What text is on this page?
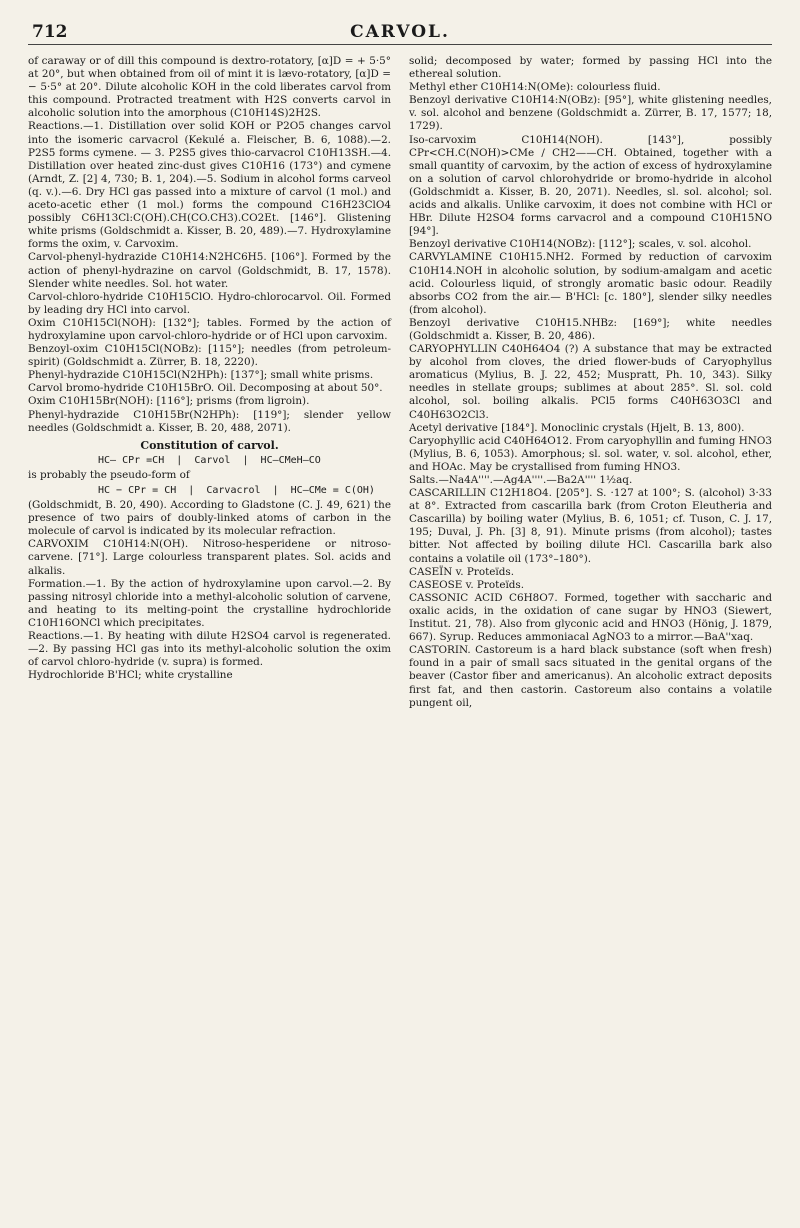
712	CARVOL.

of caraway or of dill this compound is dextro-rotatory, [α]D = + 5·5° at 20°, but when obtained from oil of mint it is lævo-rotatory, [α]D = − 5·5° at 20°. Dilute alcoholic KOH in the cold liberates carvol from this compound. Protracted treatment with H2S converts carvol in alcoholic solution into the amorphous (C10H14S)2H2S.

Reactions.—1. Distillation over solid KOH or P2O5 changes carvol into the isomeric carvacrol (Kekulé a. Fleischer, B. 6, 1088).—2. P2S5 forms cymene. — 3. P2S5 gives thio-carvacrol C10H13SH.—4. Distillation over heated zinc-dust gives C10H16 (173°) and cymene (Arndt, Z. [2] 4, 730; B. 1, 204).—5. Sodium in alcohol forms carveol (q. v.).—6. Dry HCl gas passed into a mixture of carvol (1 mol.) and aceto-acetic ether (1 mol.) forms the compound C16H23ClO4 possibly C6H13Cl:C(OH).CH(CO.CH3).CO2Et. [146°]. Glistening white prisms (Goldschmidt a. Kisser, B. 20, 489).—7. Hydroxylamine forms the oxim, v. Carvoxim.

Carvol-phenyl-hydrazide C10H14:N2HC6H5. [106°]. Formed by the action of phenyl-hydrazine on carvol (Goldschmidt, B. 17, 1578). Slender white needles. Sol. hot water.

Carvol-chloro-hydride C10H15ClO. Hydro-chlorocarvol. Oil. Formed by leading dry HCl into carvol.

Oxim C10H15Cl(NOH): [132°]; tables. Formed by the action of hydroxylamine upon carvol-chloro-hydride or of HCl upon carvoxim.

Benzoyl-oxim C10H15Cl(NOBz): [115°]; needles (from petroleum-spirit) (Goldschmidt a. Zürrer, B. 18, 2220).

Phenyl-hydrazide C10H15Cl(N2HPh): [137°]; small white prisms.

Carvol bromo-hydride C10H15BrO. Oil. Decomposing at about 50°.

Oxim C10H15Br(NOH): [116°]; prisms (from ligroin).

Phenyl-hydrazide C10H15Br(N2HPh): [119°]; slender yellow needles (Goldschmidt a. Kisser, B. 20, 488, 2071).

Constitution of carvol.

HC— CPr =CH  |  Carvol  |  HC—CMeH—CO

is probably the pseudo-form of

HC − CPr = CH  |  Carvacrol  |  HC—CMe = C(OH)

(Goldschmidt, B. 20, 490). According to Gladstone (C. J. 49, 621) the presence of two pairs of doubly-linked atoms of carbon in the molecule of carvol is indicated by its molecular refraction.

CARVOXIM C10H14:N(OH). Nitroso-hesperidene or nitroso-carvene. [71°]. Large colourless transparent plates. Sol. acids and alkalis.

Formation.—1. By the action of hydroxylamine upon carvol.—2. By passing nitrosyl chloride into a methyl-alcoholic solution of carvene, and heating to its melting-point the crystalline hydrochloride C10H16ONCl which precipitates.

Reactions.—1. By heating with dilute H2SO4 carvol is regenerated.—2. By passing HCl gas into its methyl-alcoholic solution the oxim of carvol chloro-hydride (v. supra) is formed.

Hydrochloride B'HCl; white crystalline

solid; decomposed by water; formed by passing HCl into the ethereal solution.

Methyl ether C10H14:N(OMe): colourless fluid.

Benzoyl derivative C10H14:N(OBz): [95°], white glistening needles, v. sol. alcohol and benzene (Goldschmidt a. Zürrer, B. 17, 1577; 18, 1729).

Iso-carvoxim C10H14(NOH). [143°], possibly CPr<CH.C(NOH)>CMe / CH2——CH. Obtained, together with a small quantity of carvoxim, by the action of excess of hydroxylamine on a solution of carvol chlorohydride or bromo-hydride in alcohol (Goldschmidt a. Kisser, B. 20, 2071). Needles, sl. sol. alcohol; sol. acids and alkalis. Unlike carvoxim, it does not combine with HCl or HBr. Dilute H2SO4 forms carvacrol and a compound C10H15NO [94°].

Benzoyl derivative C10H14(NOBz): [112°]; scales, v. sol. alcohol.

CARVYLAMINE C10H15.NH2. Formed by reduction of carvoxim C10H14.NOH in alcoholic solution, by sodium-amalgam and acetic acid. Colourless liquid, of strongly aromatic basic odour. Readily absorbs CO2 from the air.— B'HCl: [c. 180°], slender silky needles (from alcohol).

Benzoyl derivative C10H15.NHBz: [169°]; white needles (Goldschmidt a. Kisser, B. 20, 486).

CARYOPHYLLIN C40H64O4 (?) A substance that may be extracted by alcohol from cloves, the dried flower-buds of Caryophyllus aromaticus (Mylius, B. J. 22, 452; Muspratt, Ph. 10, 343). Silky needles in stellate groups; sublimes at about 285°. Sl. sol. cold alcohol, sol. boiling alkalis. PCl5 forms C40H63O3Cl and C40H63O2Cl3.

Acetyl derivative [184°]. Monoclinic crystals (Hjelt, B. 13, 800).

Caryophyllic acid C40H64O12. From caryophyllin and fuming HNO3 (Mylius, B. 6, 1053). Amorphous; sl. sol. water, v. sol. alcohol, ether, and HOAc. May be crystallised from fuming HNO3.

Salts.—Na4A''''.—Ag4A''''.—Ba2A'''' 1½aq.

CASCARILLIN C12H18O4. [205°]. S. ·127 at 100°; S. (alcohol) 3·33 at 8°. Extracted from cascarilla bark (from Croton Eleutheria and Cascarilla) by boiling water (Mylius, B. 6, 1051; cf. Tuson, C. J. 17, 195; Duval, J. Ph. [3] 8, 91). Minute prisms (from alcohol); tastes bitter. Not affected by boiling dilute HCl. Cascarilla bark also contains a volatile oil (173°–180°).

CASEÏN v. Proteïds.

CASEOSE v. Proteïds.

CASSONIC ACID C6H8O7. Formed, together with saccharic and oxalic acids, in the oxidation of cane sugar by HNO3 (Siewert, Institut. 21, 78). Also from glyconic acid and HNO3 (Hönig, J. 1879, 667). Syrup. Reduces ammoniacal AgNO3 to a mirror.—BaA''xaq.

CASTORIN. Castoreum is a hard black substance (soft when fresh) found in a pair of small sacs situated in the genital organs of the beaver (Castor fiber and americanus). An alcoholic extract deposits first fat, and then castorin. Castoreum also contains a volatile pungent oil,
